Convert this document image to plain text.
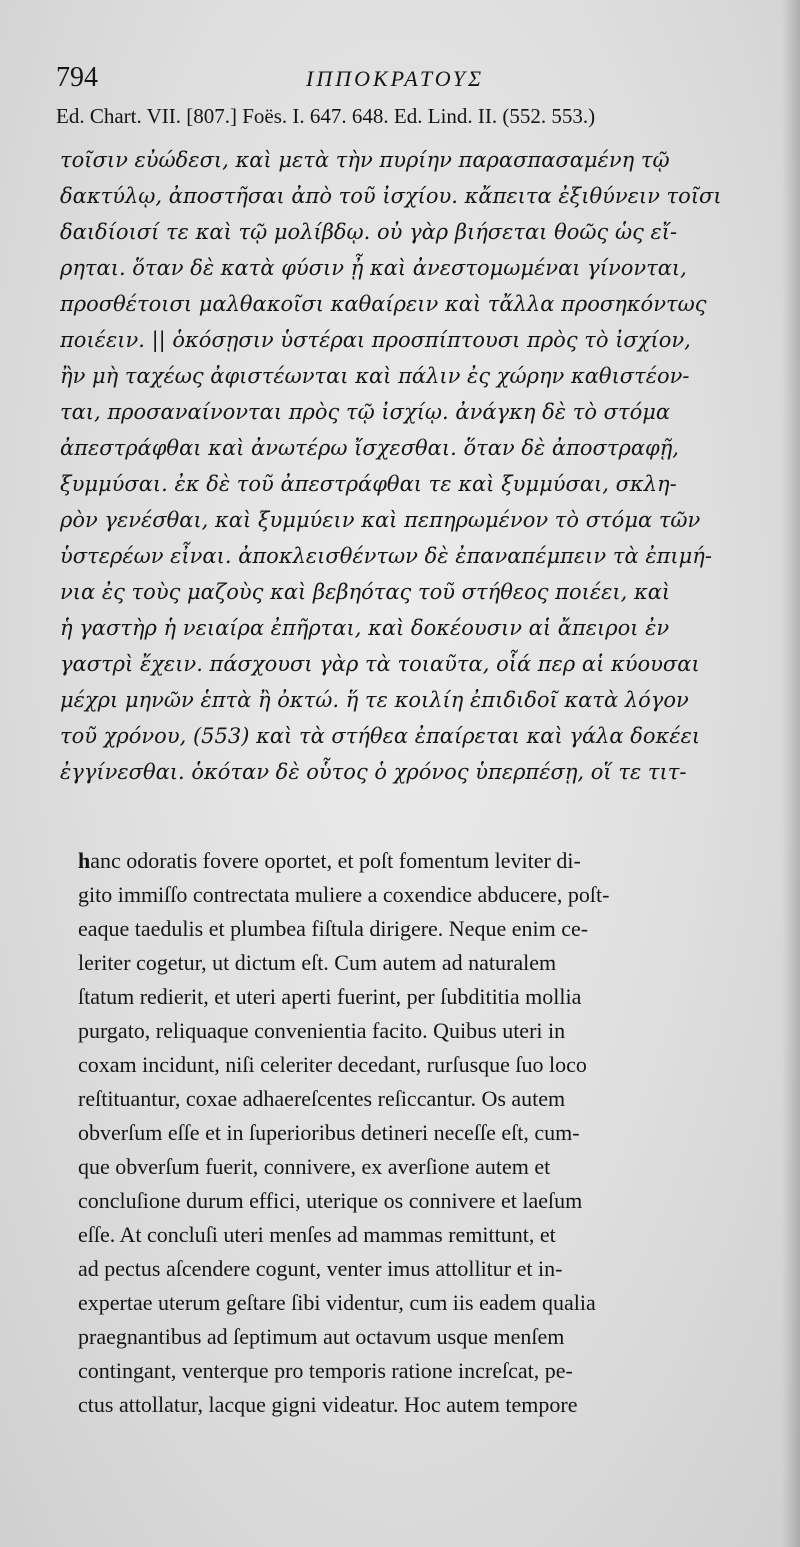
794	ΙΠΠΟΚΡΑΤΟΥΣ
Ed. Chart. VII. [807.] Foës. I. 647. 648. Ed. Lind. II. (552. 553.)
τοῖσιν εὐώδεσι, καὶ μετὰ τὴν πυρίην παρασπασαμένη τῷ
δακτύλῳ, ἀποστῆσαι ἀπὸ τοῦ ἰσχίου. κἄπειτα ἐξιθύνειν τοῖσι
δαιδίοισί τε καὶ τῷ μολίβδῳ. οὐ γὰρ βιήσεται θοῶς ὡς εἴ-
ρηται. ὅταν δὲ κατὰ φύσιν ᾖ καὶ ἀνεστομωμέναι γίνονται,
προσθέτοισι μαλθακοῖσι καθαίρειν καὶ τἄλλα προσηκόντως
ποιέειν. || ὁκόσῃσιν ὑστέραι προσπίπτουσι πρὸς τὸ ἰσχίον,
ἢν μὴ ταχέως ἀφιστέωνται καὶ πάλιν ἐς χώρην καθιστέον-
ται, προσαναίνονται πρὸς τῷ ἰσχίῳ. ἀνάγκη δὲ τὸ στόμα
ἀπεστράφθαι καὶ ἀνωτέρω ἴσχεσθαι. ὅταν δὲ ἀποστραφῇ,
ξυμμύσαι. ἐκ δὲ τοῦ ἀπεστράφθαι τε καὶ ξυμμύσαι, σκλη-
ρὸν γενέσθαι, καὶ ξυμμύειν καὶ πεπηρωμένον τὸ στόμα τῶν
ὑστερέων εἶναι. ἀποκλεισθέντων δὲ ἐπαναπέμπειν τὰ ἐπιμή-
νια ἐς τοὺς μαζοὺς καὶ βεβηότας τοῦ στήθεος ποιέει, καὶ
ἡ γαστὴρ ἡ νειαίρα ἐπῆρται, καὶ δοκέουσιν αἱ ἄπειροι ἐν
γαστρὶ ἔχειν. πάσχουσι γὰρ τὰ τοιαῦτα, οἷά περ αἱ κύουσαι
μέχρι μηνῶν ἑπτὰ ἢ ὀκτώ. ἥ τε κοιλίη ἐπιδιδοῖ κατὰ λόγον
τοῦ χρόνου, (553) καὶ τὰ στήθεα ἐπαίρεται καὶ γάλα δοκέει
ἐγγίνεσθαι. ὁκόταν δὲ οὗτος ὁ χρόνος ὑπερπέσῃ, οἵ τε τιτ-
hanc odoratis fovere oportet, et poſt fomentum leviter di-
gito immiſſo contrectata muliere a coxendice abducere, poſt-
eaque taedulis et plumbea fiſtula dirigere. Neque enim ce-
leriter cogetur, ut dictum eſt. Cum autem ad naturalem
ſtatum redierit, et uteri aperti fuerint, per ſubdititia mollia
purgato, reliquaque convenientia facito. Quibus uteri in
coxam incidunt, niſi celeriter decedant, rurſusque ſuo loco
reſtituantur, coxae adhaereſcentes reſiccantur. Os autem
obverſum eſſe et in ſuperioribus detineri neceſſe eſt, cum-
que obverſum fuerit, connivere, ex averſione autem et
concluſione durum effici, uterique os connivere et laeſum
eſſe. At concluſi uteri menſes ad mammas remittunt, et
ad pectus aſcendere cogunt, venter imus attollitur et in-
expertae uterum geſtare ſibi videntur, cum iis eadem qualia
praegnantibus ad ſeptimum aut octavum usque menſem
contingant, venterque pro temporis ratione increſcat, pe-
ctus attollatur, lacque gigni videatur. Hoc autem tempore
